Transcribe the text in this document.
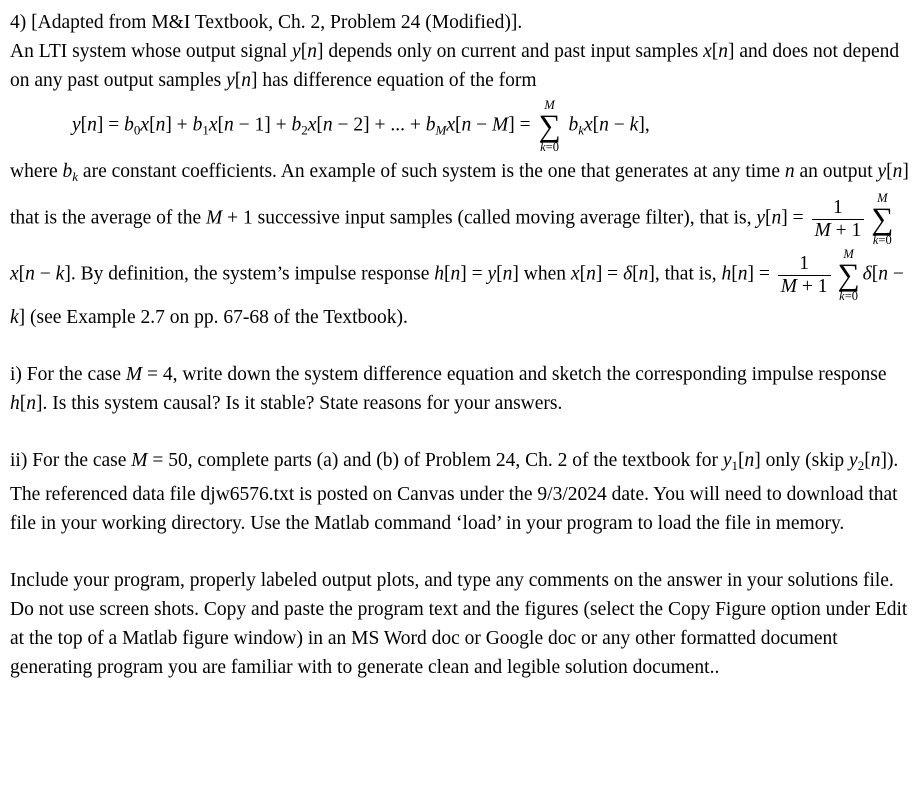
4) [Adapted from M&I Textbook, Ch. 2, Problem 24 (Modified)].

An LTI system whose output signal y[n] depends only on current and past input samples x[n] and does not depend on any past output samples y[n] has difference equation of the form

$y[n] = b_0x[n] + b_1x[n - 1] + b_2x[n - 2]$ + ... + $b_Mx[n - M]$ =
M
∑
k=0
$b_kx[n - k]$,

where $b_k$ are constant coefficients. An example of such system is the one that generates at any time n an output y[n] that is the average of the M + 1 successive input samples (called moving average filter), that is, $y[n] = \frac{1}{M + 1}$	M
∑
k=0
x[n − k]. By definition, the system’s impulse response h[n] = y[n] when x[n] = δ[n], that is, $h[n] = \frac{1}{M + 1}$	M
∑
k=0
δ[n − k] (see Example 2.7 on pp. 67-68 of the Textbook).

i) For the case M = 4, write down the system difference equation and sketch the corresponding impulse response h[n]. Is this system causal? Is it stable? State reasons for your answers.

ii) For the case M = 50, complete parts (a) and (b) of Problem 24, Ch. 2 of the textbook for $y_1[n]$ only (skip $y_2[n]$). The referenced data file djw6576.txt is posted on Canvas under the 9/3/2024 date. You will need to download that file in your working directory. Use the Matlab command ‘load’ in your program to load the file in memory.

Include your program, properly labeled output plots, and type any comments on the answer in your solutions file. Do not use screen shots. Copy and paste the program text and the figures (select the Copy Figure option under Edit at the top of a Matlab figure window) in an MS Word doc or Google doc or any other formatted document generating program you are familiar with to generate clean and legible solution document..
